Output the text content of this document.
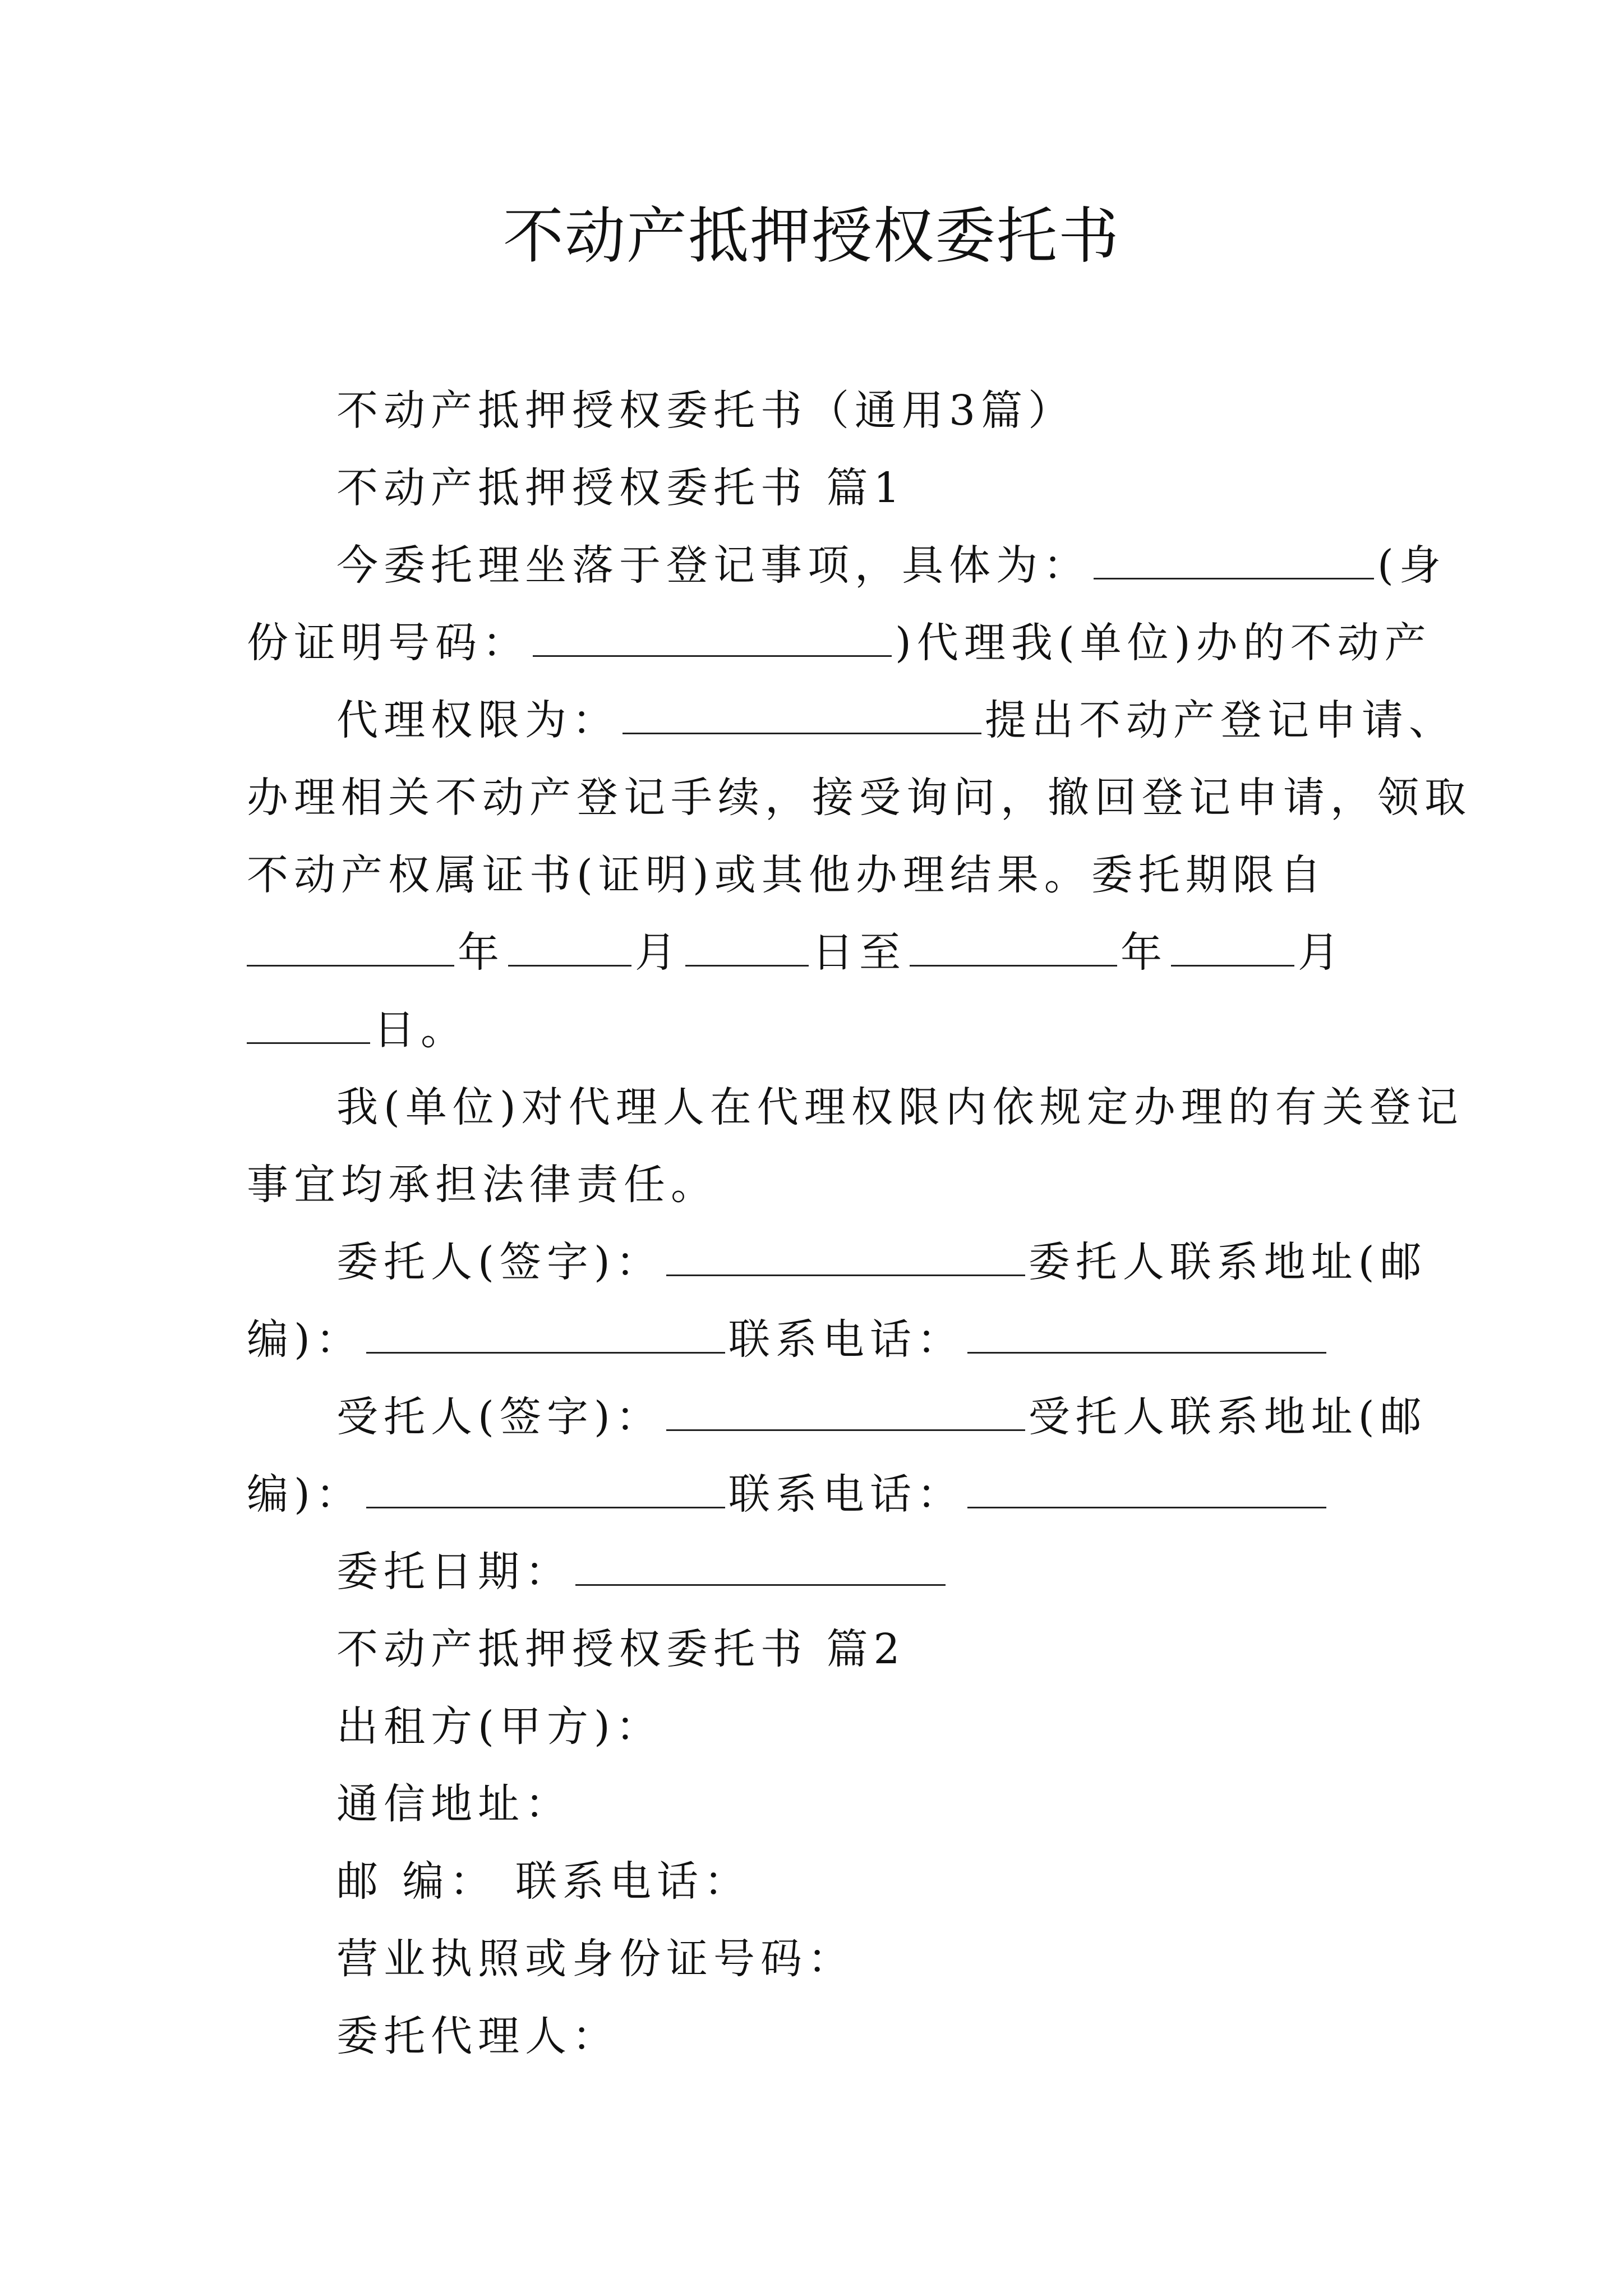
不动产抵押授权委托书
不动产抵押授权委托书（通用3篇）
不动产抵押授权委托书 篇1
今委托理坐落于登记事项，具体为：	(身
份证明号码：	)代理我(单位)办的不动产
代理权限为：	提出不动产登记申请、
办理相关不动产登记手续，接受询问，撤回登记申请，领取
不动产权属证书(证明)或其他办理结果。委托期限自
年	月	日至	年	月
日。
我(单位)对代理人在代理权限内依规定办理的有关登记
事宜均承担法律责任。
委托人(签字)：	委托人联系地址(邮
编)：	联系电话：
受托人(签字)：	受托人联系地址(邮
编)：	联系电话：
委托日期：
不动产抵押授权委托书 篇2
出租方(甲方)：
通信地址：
邮 编： 联系电话：
营业执照或身份证号码：
委托代理人：
